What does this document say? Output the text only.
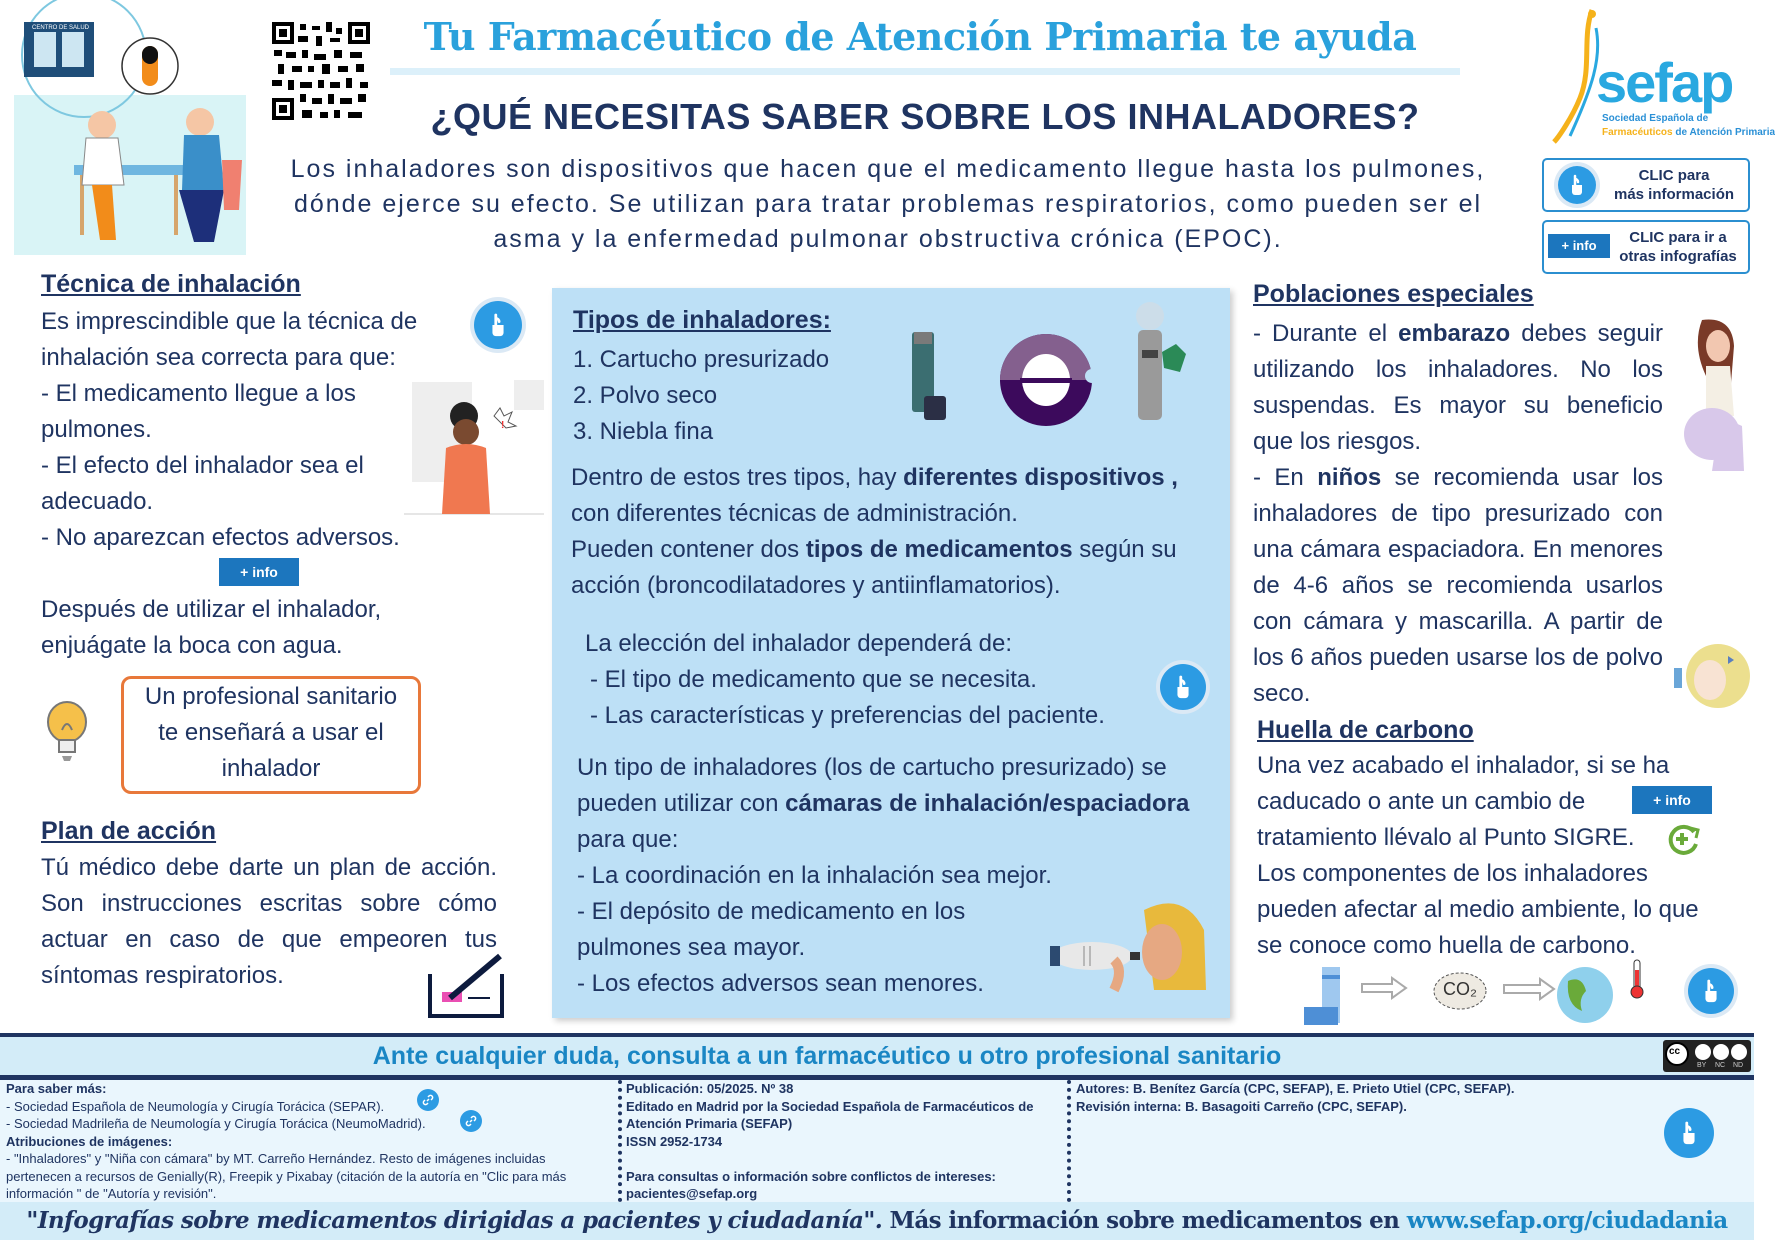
CENTRO DE SALUD	Tu Farmacéutico de Atención Primaria te ayuda
¿QUÉ NECESITAS SABER SOBRE LOS INHALADORES?
Los inhaladores son dispositivos que hacen que el medicamento llegue hasta los pulmones,
dónde ejerce su efecto. Se utilizan para tratar problemas respiratorios, como pueden ser el
asma y la enfermedad pulmonar obstructiva crónica (EPOC).
sefap
Sociedad Española de
Farmacéuticos de Atención Primaria
CLIC para
más información
+ info	CLIC para ir a
otras infografías
Técnica de inhalación
Es imprescindible que la técnica de
inhalación sea correcta para que:
- El medicamento llegue a los
pulmones.
- El efecto del inhalador sea el
adecuado.
- No aparezcan efectos adversos.
!
+ info
Después de utilizar el inhalador,
enjuágate la boca con agua.
Un profesional sanitario
te enseñará a usar el
inhalador
Plan de acción
Tú médico debe darte un plan de acción. Son instrucciones escritas sobre cómo actuar en caso de que empeoren tus síntomas respiratorios.
Tipos de inhaladores:
1. Cartucho presurizado
2. Polvo seco
3. Niebla fina
Dentro de estos tres tipos, hay diferentes dispositivos ,
con diferentes técnicas de administración.
Pueden contener dos tipos de medicamentos según su
acción (broncodilatadores y antiinflamatorios).
La elección del inhalador dependerá de:
- El tipo de medicamento que se necesita.
- Las características y preferencias del paciente.
Un tipo de inhaladores (los de cartucho presurizado) se
pueden utilizar con cámaras de inhalación/espaciadora
para que:
- La coordinación en la inhalación sea mejor.
- El depósito de medicamento en los
pulmones sea mayor.
- Los efectos adversos sean menores.
Poblaciones especiales
- Durante el embarazo debes seguir utilizando los inhaladores. No los suspendas. Es mayor su beneficio que los riesgos.
- En niños se recomienda usar los inhaladores de tipo presurizado con una cámara espaciadora. En menores de 4-6 años se recomienda usarlos con cámara y mascarilla. A partir de los 6 años pueden usarse los de polvo seco.
Huella de carbono
Una vez acabado el inhalador, si se ha
caducado o ante un cambio de
tratamiento llévalo al Punto SIGRE.
Los componentes de los inhaladores
pueden afectar al medio ambiente, lo que
se conoce como huella de carbono.
+ info
CO₂
Ante cualquier duda, consulta a un farmacéutico u otro profesional sanitario	cc
BY NC ND
Para saber más:
- Sociedad Española de Neumología y Cirugía Torácica (SEPAR).
- Sociedad Madrileña de Neumología y Cirugía Torácica (NeumoMadrid).
Atribuciones de imágenes:
- "Inhaladores" y "Niña con cámara" by MT. Carreño Hernández. Resto de imágenes incluidas pertenecen a recursos de Genially(R), Freepik y Pixabay (citación de la autoría en "Clic para más información " de "Autoría y revisión".
Publicación: 05/2025. Nº 38
Editado en Madrid por la Sociedad Española de Farmacéuticos de
Atención Primaria (SEFAP)
ISSN 2952-1734
Para consultas o información sobre conflictos de intereses:
pacientes@sefap.org
Autores: B. Benítez García (CPC, SEFAP), E. Prieto Utiel (CPC, SEFAP).
Revisión interna: B. Basagoiti Carreño (CPC, SEFAP).
"Infografías sobre medicamentos dirigidas a pacientes y ciudadanía". Más información sobre medicamentos en www.sefap.org/ciudadania
